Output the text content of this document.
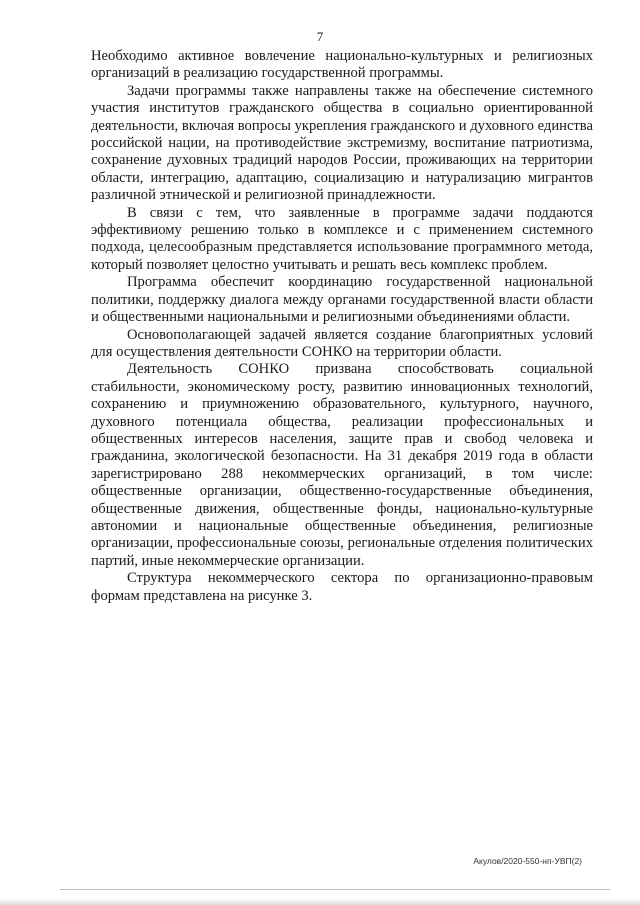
7

Необходимо активное вовлечение национально-культурных и религиозных организаций в реализацию государственной программы.

Задачи программы также направлены также на обеспечение системного участия институтов гражданского общества в социально ориентированной деятельности, включая вопросы укрепления гражданского и духовного единства российской нации, на противодействие экстремизму, воспитание патриотизма, сохранение духовных традиций народов России, проживающих на территории области, интеграцию, адаптацию, социализацию и натурализацию мигрантов различной этнической и религиозной принадлежности.

В связи с тем, что заявленные в программе задачи поддаются эффективиому решению только в комплексе и с применением системного подхода, целесообразным представляется использование программного метода, который позволяет целостно учитывать и решать весь комплекс проблем.

Программа обеспечит координацию государственной национальной политики, поддержку диалога между органами государственной власти области и общественными национальными и религиозными объединениями области.

Основополагающей задачей является создание благоприятных условий для осуществления деятельности СОНКО на территории области.

Деятельность СОНКО призвана способствовать социальной стабильности, экономическому росту, развитию инновационных технологий, сохранению и приумножению образовательного, культурного, научного, духовного потенциала общества, реализации профессиональных и общественных интересов населения, защите прав и свобод человека и гражданина, экологической безопасности. На 31 декабря 2019 года в области зарегистрировано 288 некоммерческих организаций, в том числе: общественные организации, общественно-государственные объединения, общественные движения, общественные фонды, национально-культурные автономии и национальные общественные объединения, религиозные организации, профессиональные союзы, региональные отделения политических партий, иные некоммерческие организации.

Структура некоммерческого сектора по организационно-правовым формам представлена на рисунке 3.

Акулов/2020-550-нп-УВП(2)
